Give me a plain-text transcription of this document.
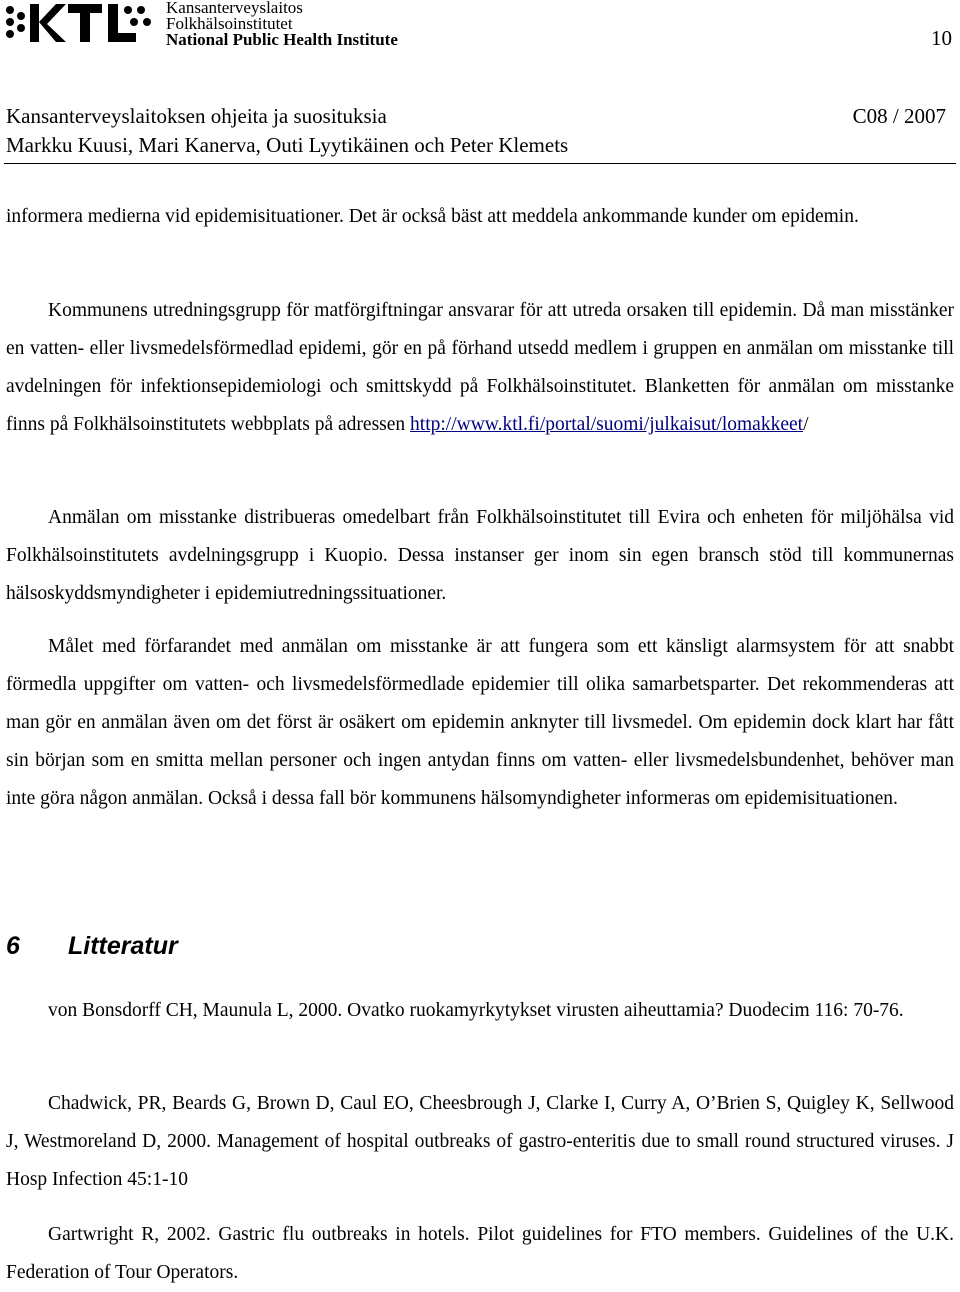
Kansanterveyslaitos
Folkhälsoinstitutet
National Public Health Institute	10
Kansanterveyslaitoksen ohjeita ja suosituksia	C08 / 2007
Markku Kuusi, Mari Kanerva, Outi Lyytikäinen och Peter Klemets

informera medierna vid epidemisituationer. Det är också bäst att meddela ankommande kunder om epidemin.

Kommunens utredningsgrupp för matförgiftningar ansvarar för att utreda orsaken till epidemin. Då man misstänker en vatten- eller livsmedelsförmedlad epidemi, gör en på förhand utsedd medlem i gruppen en anmälan om misstanke till avdelningen för infektionsepidemiologi och smittskydd på Folkhälsoinstitutet. Blanketten för anmälan om misstanke finns på Folkhälsoinstitutets webbplats på adressen http://www.ktl.fi/portal/suomi/julkaisut/lomakkeet/

Anmälan om misstanke distribueras omedelbart från Folkhälsoinstitutet till Evira och enheten för miljöhälsa vid Folkhälsoinstitutets avdelningsgrupp i Kuopio. Dessa instanser ger inom sin egen bransch stöd till kommunernas hälsoskyddsmyndigheter i epidemiutredningssituationer.

Målet med förfarandet med anmälan om misstanke är att fungera som ett känsligt alarmsystem för att snabbt förmedla uppgifter om vatten- och livsmedelsförmedlade epidemier till olika samarbetsparter. Det rekommenderas att man gör en anmälan även om det först är osäkert om epidemin anknyter till livsmedel. Om epidemin dock klart har fått sin början som en smitta mellan personer och ingen antydan finns om vatten- eller livsmedelsbundenhet, behöver man inte göra någon anmälan. Också i dessa fall bör kommunens hälsomyndigheter informeras om epidemisituationen.

6 Litteratur

von Bonsdorff CH, Maunula L, 2000. Ovatko ruokamyrkytykset virusten aiheuttamia? Duodecim 116: 70-76.

Chadwick, PR, Beards G, Brown D, Caul EO, Cheesbrough J, Clarke I, Curry A, O’Brien S, Quigley K, Sellwood J, Westmoreland D, 2000. Management of hospital outbreaks of gastro-enteritis due to small round structured viruses. J Hosp Infection 45:1-10

Gartwright R, 2002. Gastric flu outbreaks in hotels. Pilot guidelines for FTO members. Guidelines of the U.K. Federation of Tour Operators.
